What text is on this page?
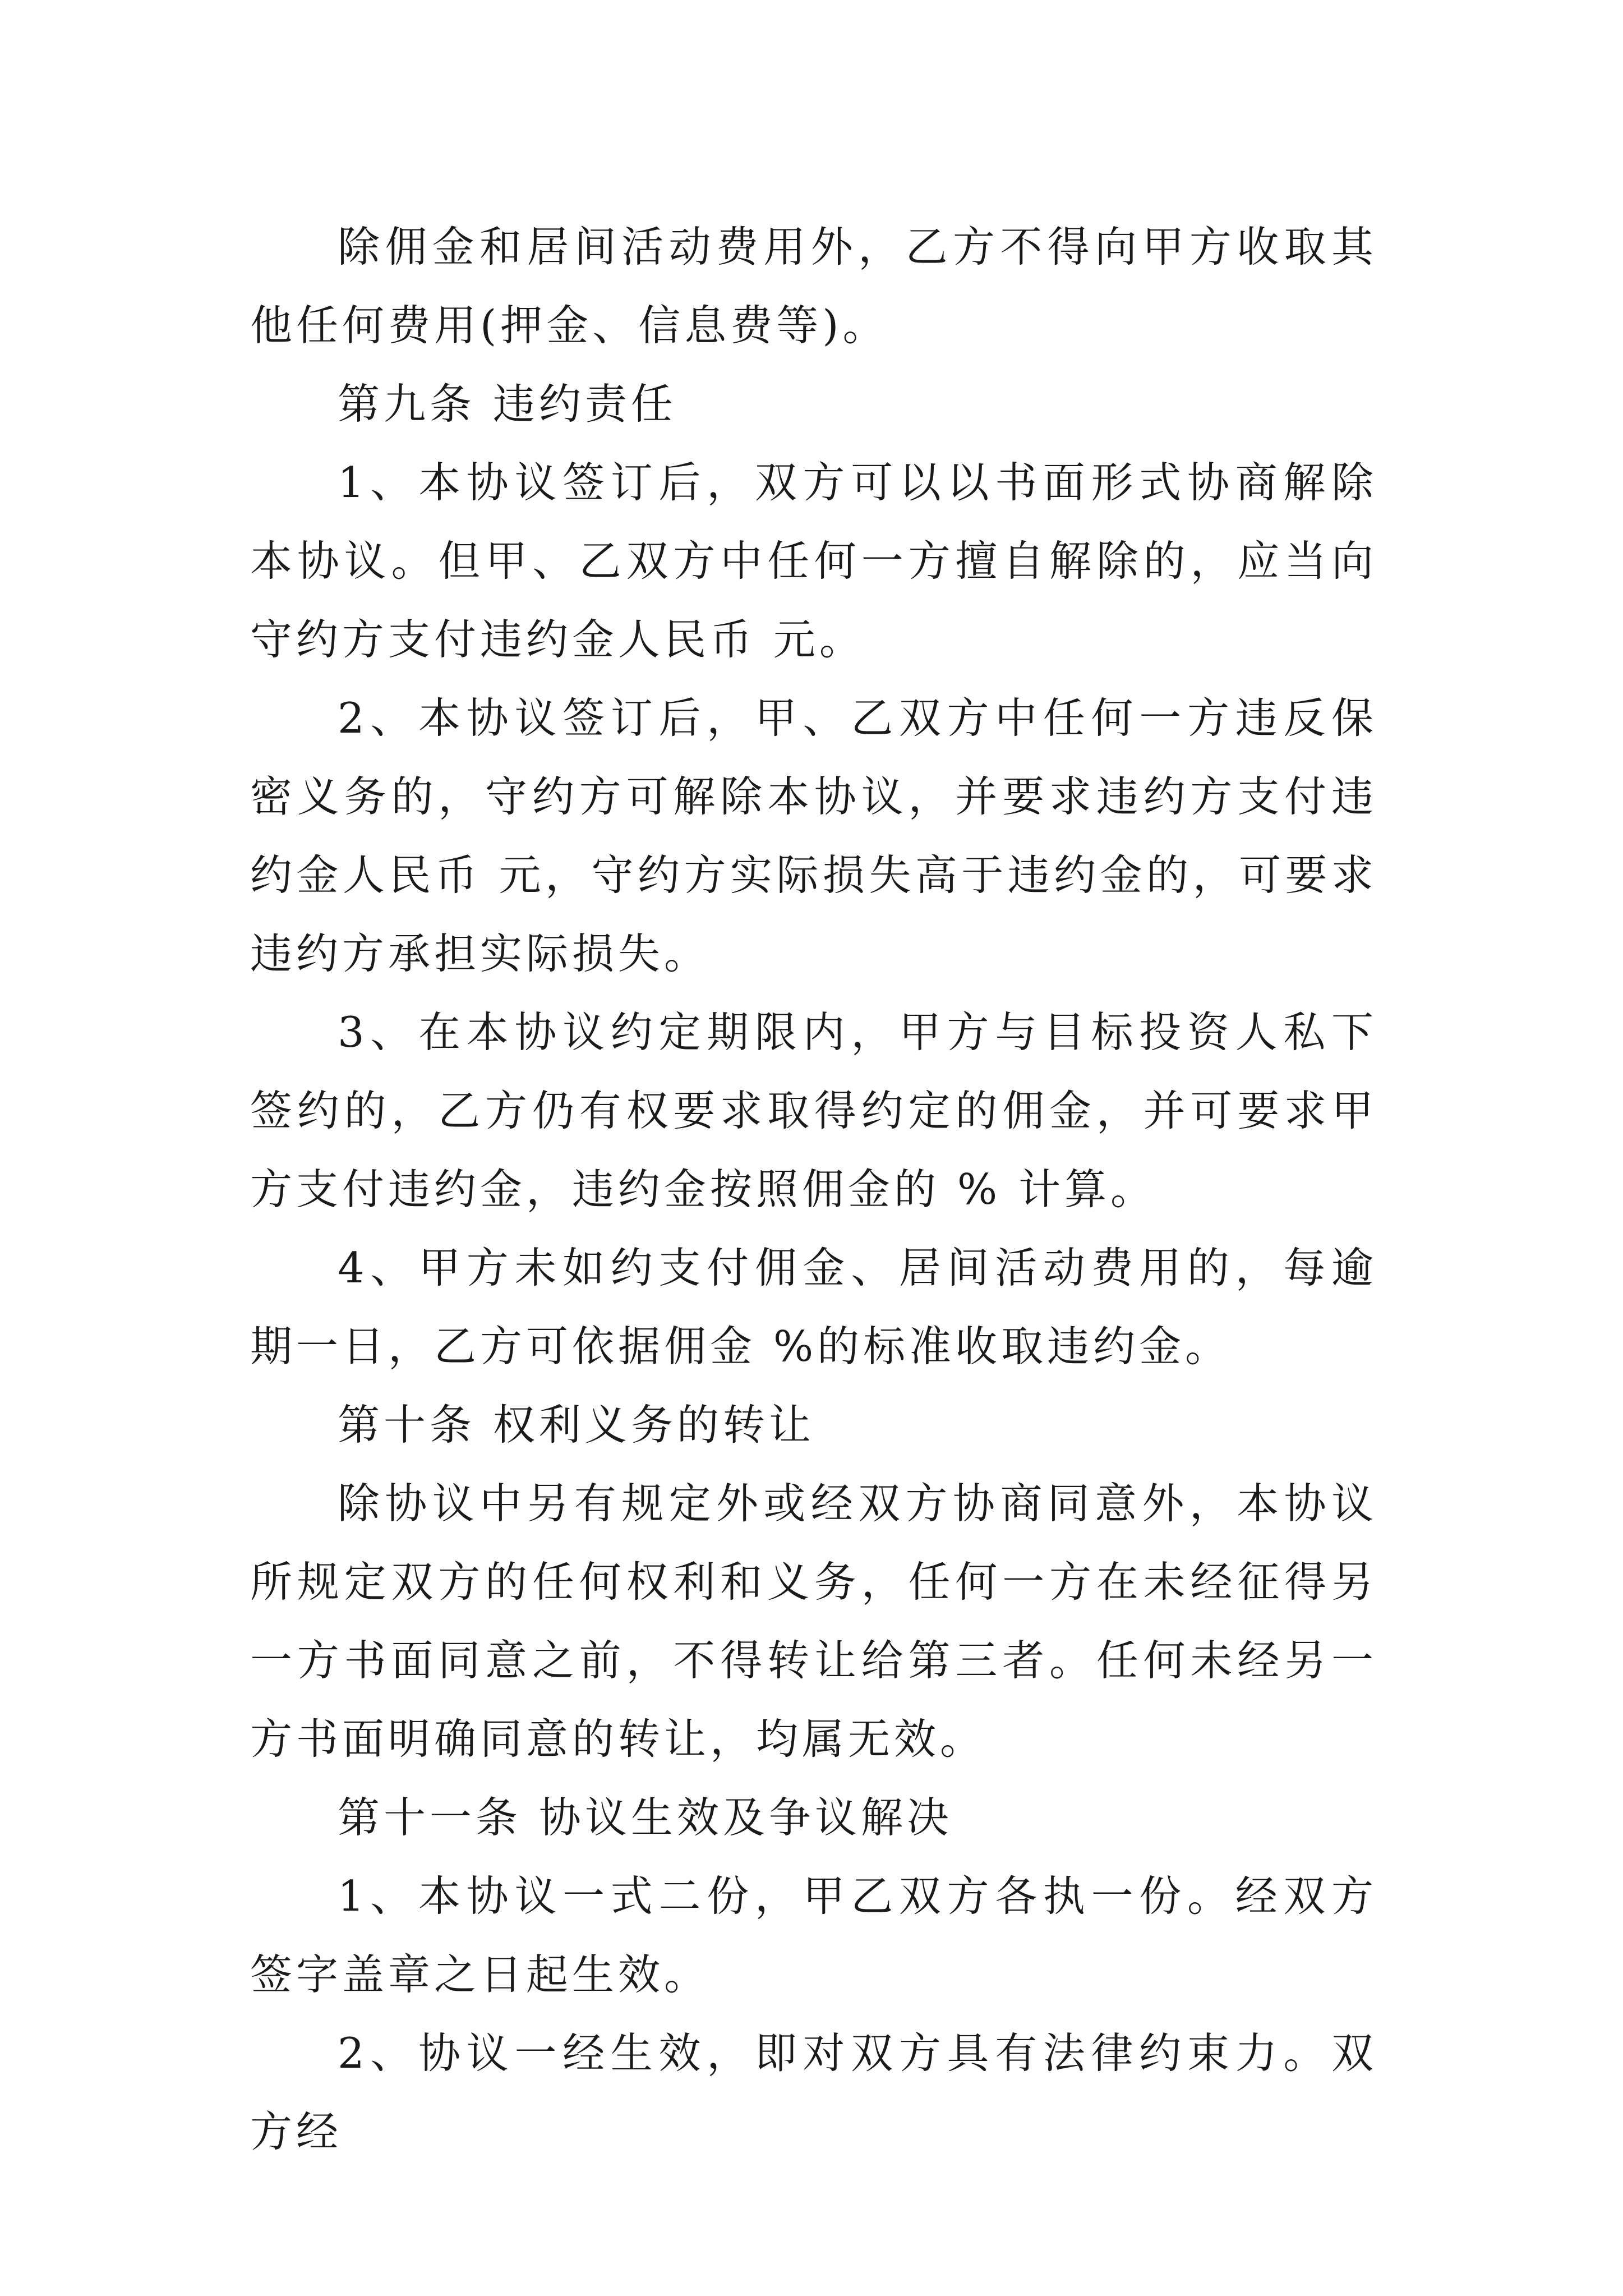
除佣金和居间活动费用外，乙方不得向甲方收取其他任何费用(押金、信息费等)。

第九条 违约责任

1、本协议签订后，双方可以以书面形式协商解除本协议。但甲、乙双方中任何一方擅自解除的，应当向守约方支付违约金人民币 元。

2、本协议签订后，甲、乙双方中任何一方违反保密义务的，守约方可解除本协议，并要求违约方支付违约金人民币 元，守约方实际损失高于违约金的，可要求违约方承担实际损失。

3、在本协议约定期限内，甲方与目标投资人私下签约的，乙方仍有权要求取得约定的佣金，并可要求甲方支付违约金，违约金按照佣金的 % 计算。

4、甲方未如约支付佣金、居间活动费用的，每逾期一日，乙方可依据佣金 %的标准收取违约金。

第十条 权利义务的转让

除协议中另有规定外或经双方协商同意外，本协议所规定双方的任何权利和义务，任何一方在未经征得另一方书面同意之前，不得转让给第三者。任何未经另一方书面明确同意的转让，均属无效。

第十一条 协议生效及争议解决

1、本协议一式二份，甲乙双方各执一份。经双方签字盖章之日起生效。

2、协议一经生效，即对双方具有法律约束力。双方经
